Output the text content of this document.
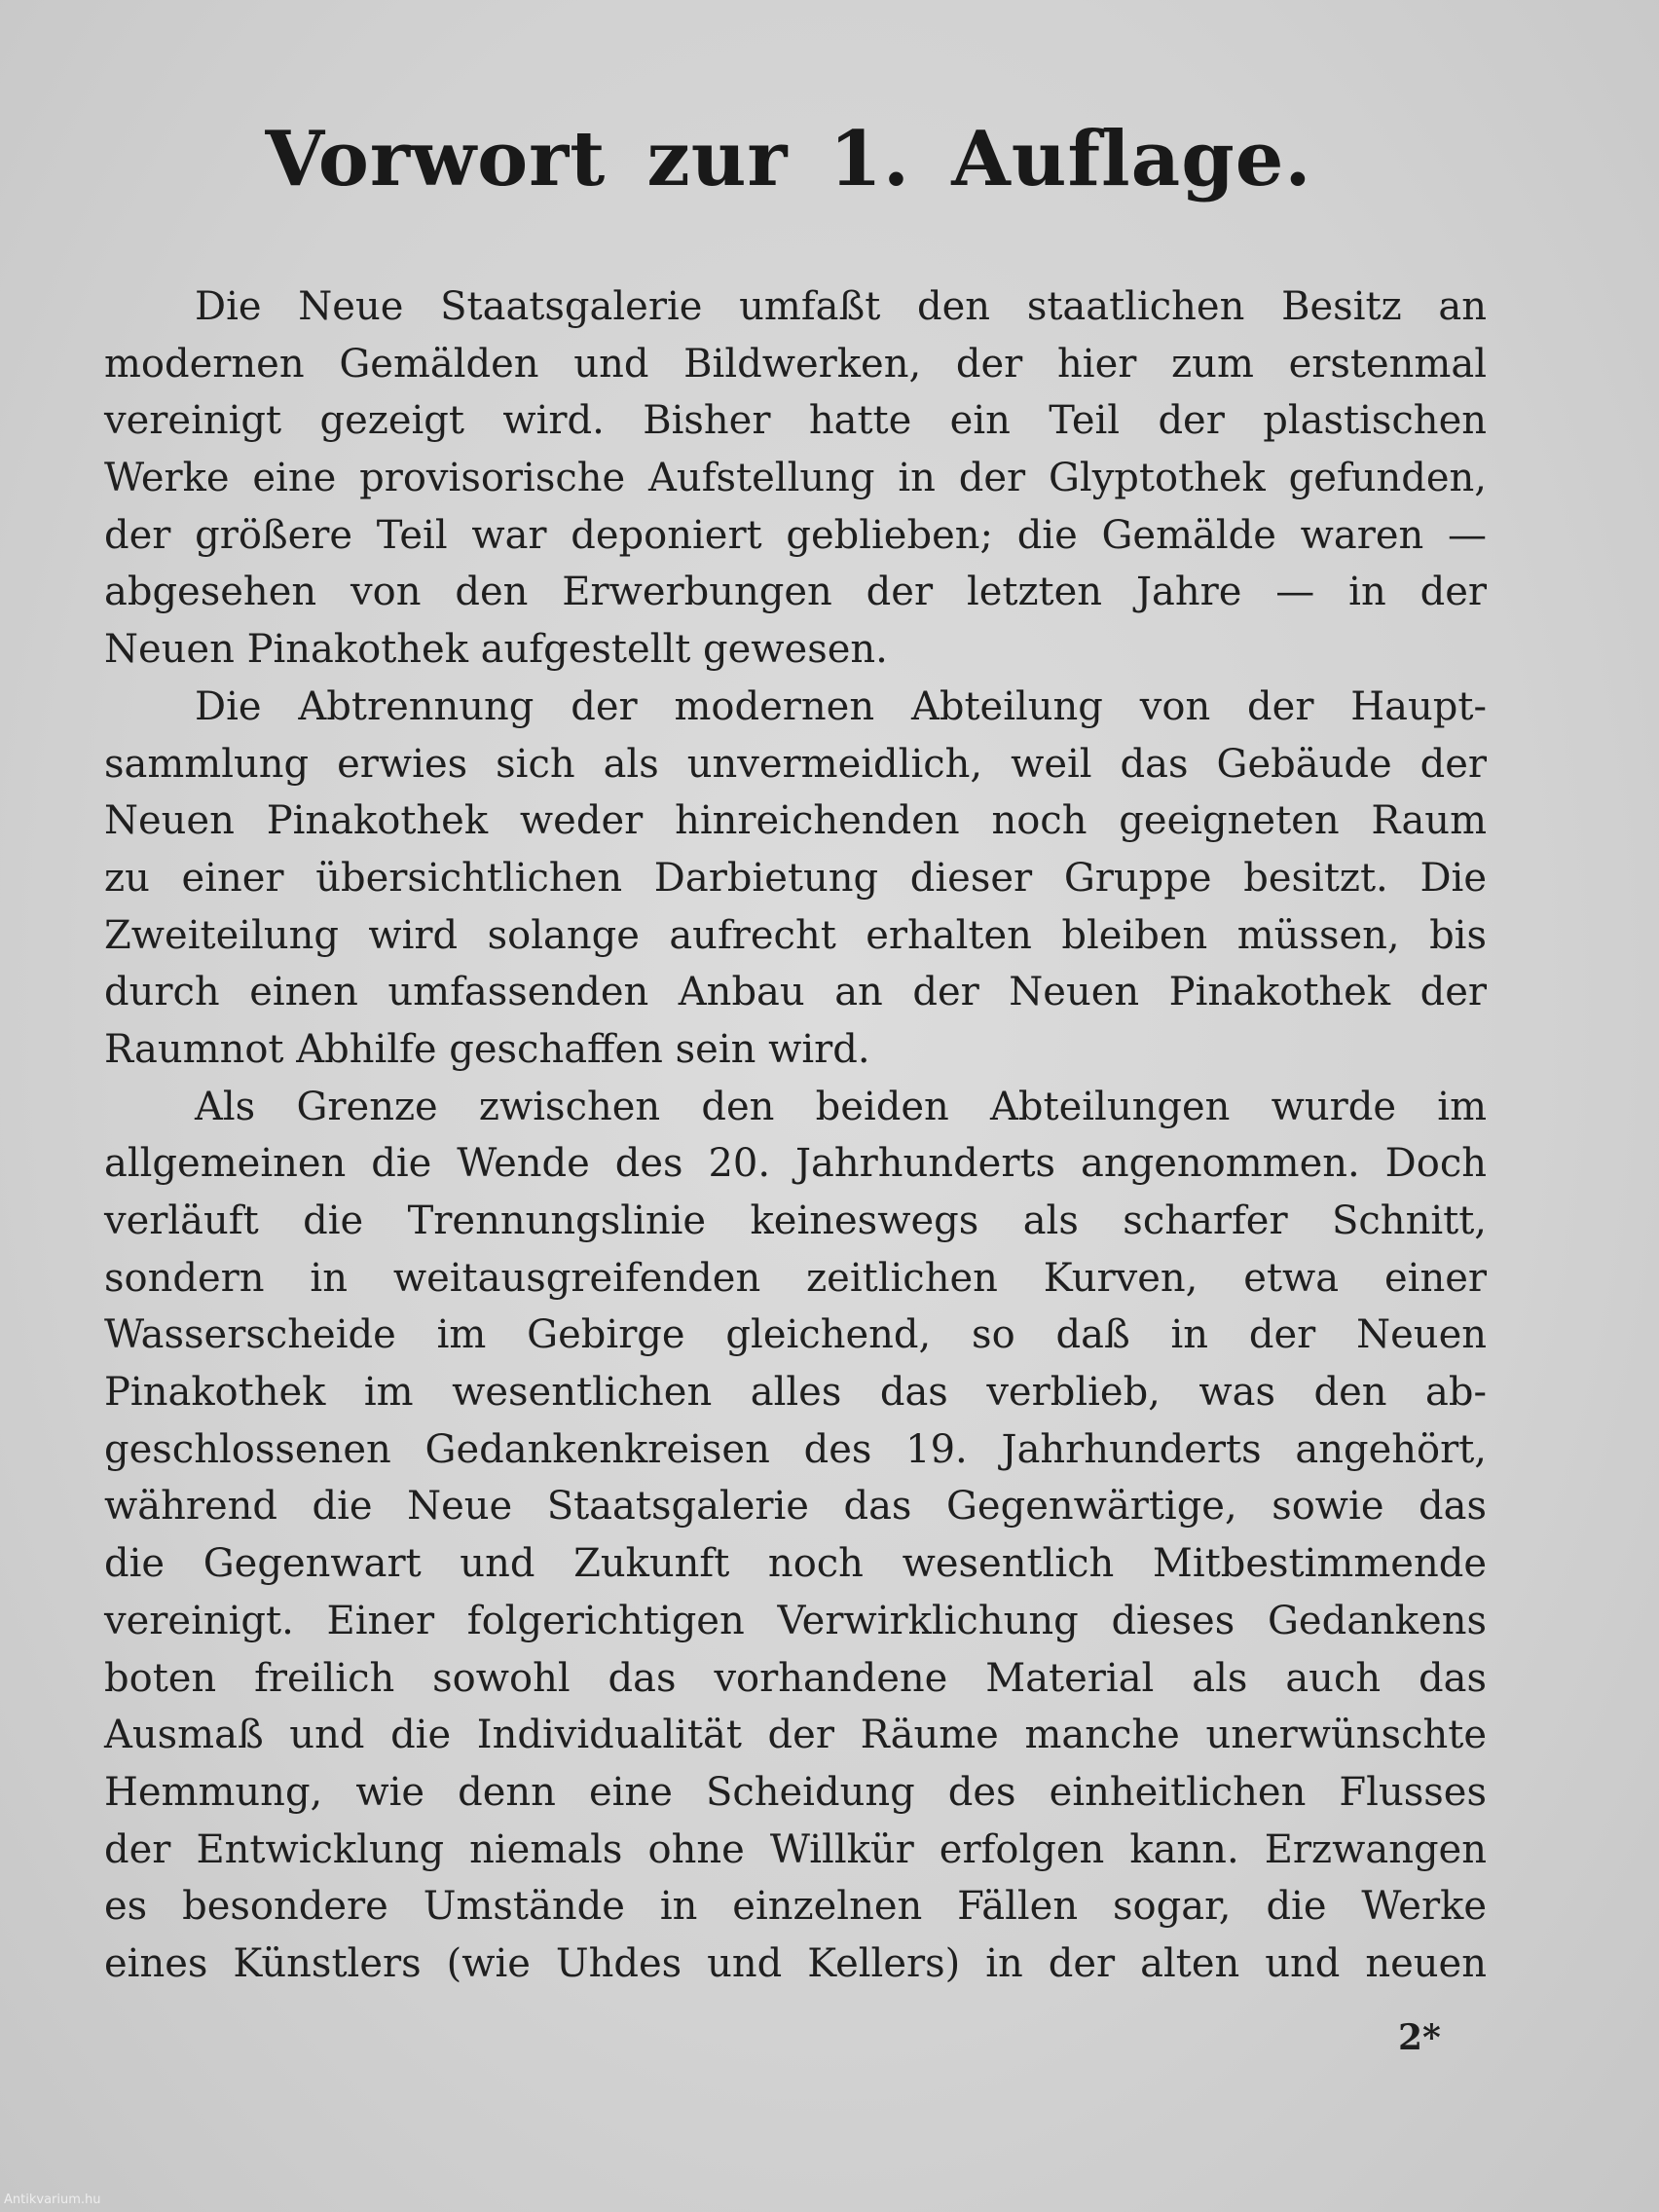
Vorwort zur 1. Auflage.
Die Neue Staatsgalerie umfaßt den staatlichen Besitz an
modernen Gemälden und Bildwerken, der hier zum erstenmal
vereinigt gezeigt wird. Bisher hatte ein Teil der plastischen
Werke eine provisorische Aufstellung in der Glyptothek gefunden,
der größere Teil war deponiert geblieben; die Gemälde waren —
abgesehen von den Erwerbungen der letzten Jahre — in der
Neuen Pinakothek aufgestellt gewesen.
Die Abtrennung der modernen Abteilung von der Haupt-
sammlung erwies sich als unvermeidlich, weil das Gebäude der
Neuen Pinakothek weder hinreichenden noch geeigneten Raum
zu einer übersichtlichen Darbietung dieser Gruppe besitzt. Die
Zweiteilung wird solange aufrecht erhalten bleiben müssen, bis
durch einen umfassenden Anbau an der Neuen Pinakothek der
Raumnot Abhilfe geschaffen sein wird.
Als Grenze zwischen den beiden Abteilungen wurde im
allgemeinen die Wende des 20. Jahrhunderts angenommen. Doch
verläuft die Trennungslinie keineswegs als scharfer Schnitt,
sondern in weitausgreifenden zeitlichen Kurven, etwa einer
Wasserscheide im Gebirge gleichend, so daß in der Neuen
Pinakothek im wesentlichen alles das verblieb, was den ab-
geschlossenen Gedankenkreisen des 19. Jahrhunderts angehört,
während die Neue Staatsgalerie das Gegenwärtige, sowie das
die Gegenwart und Zukunft noch wesentlich Mitbestimmende
vereinigt. Einer folgerichtigen Verwirklichung dieses Gedankens
boten freilich sowohl das vorhandene Material als auch das
Ausmaß und die Individualität der Räume manche unerwünschte
Hemmung, wie denn eine Scheidung des einheitlichen Flusses
der Entwicklung niemals ohne Willkür erfolgen kann. Erzwangen
es besondere Umstände in einzelnen Fällen sogar, die Werke
eines Künstlers (wie Uhdes und Kellers) in der alten und neuen
2*
Antikvarium.hu
